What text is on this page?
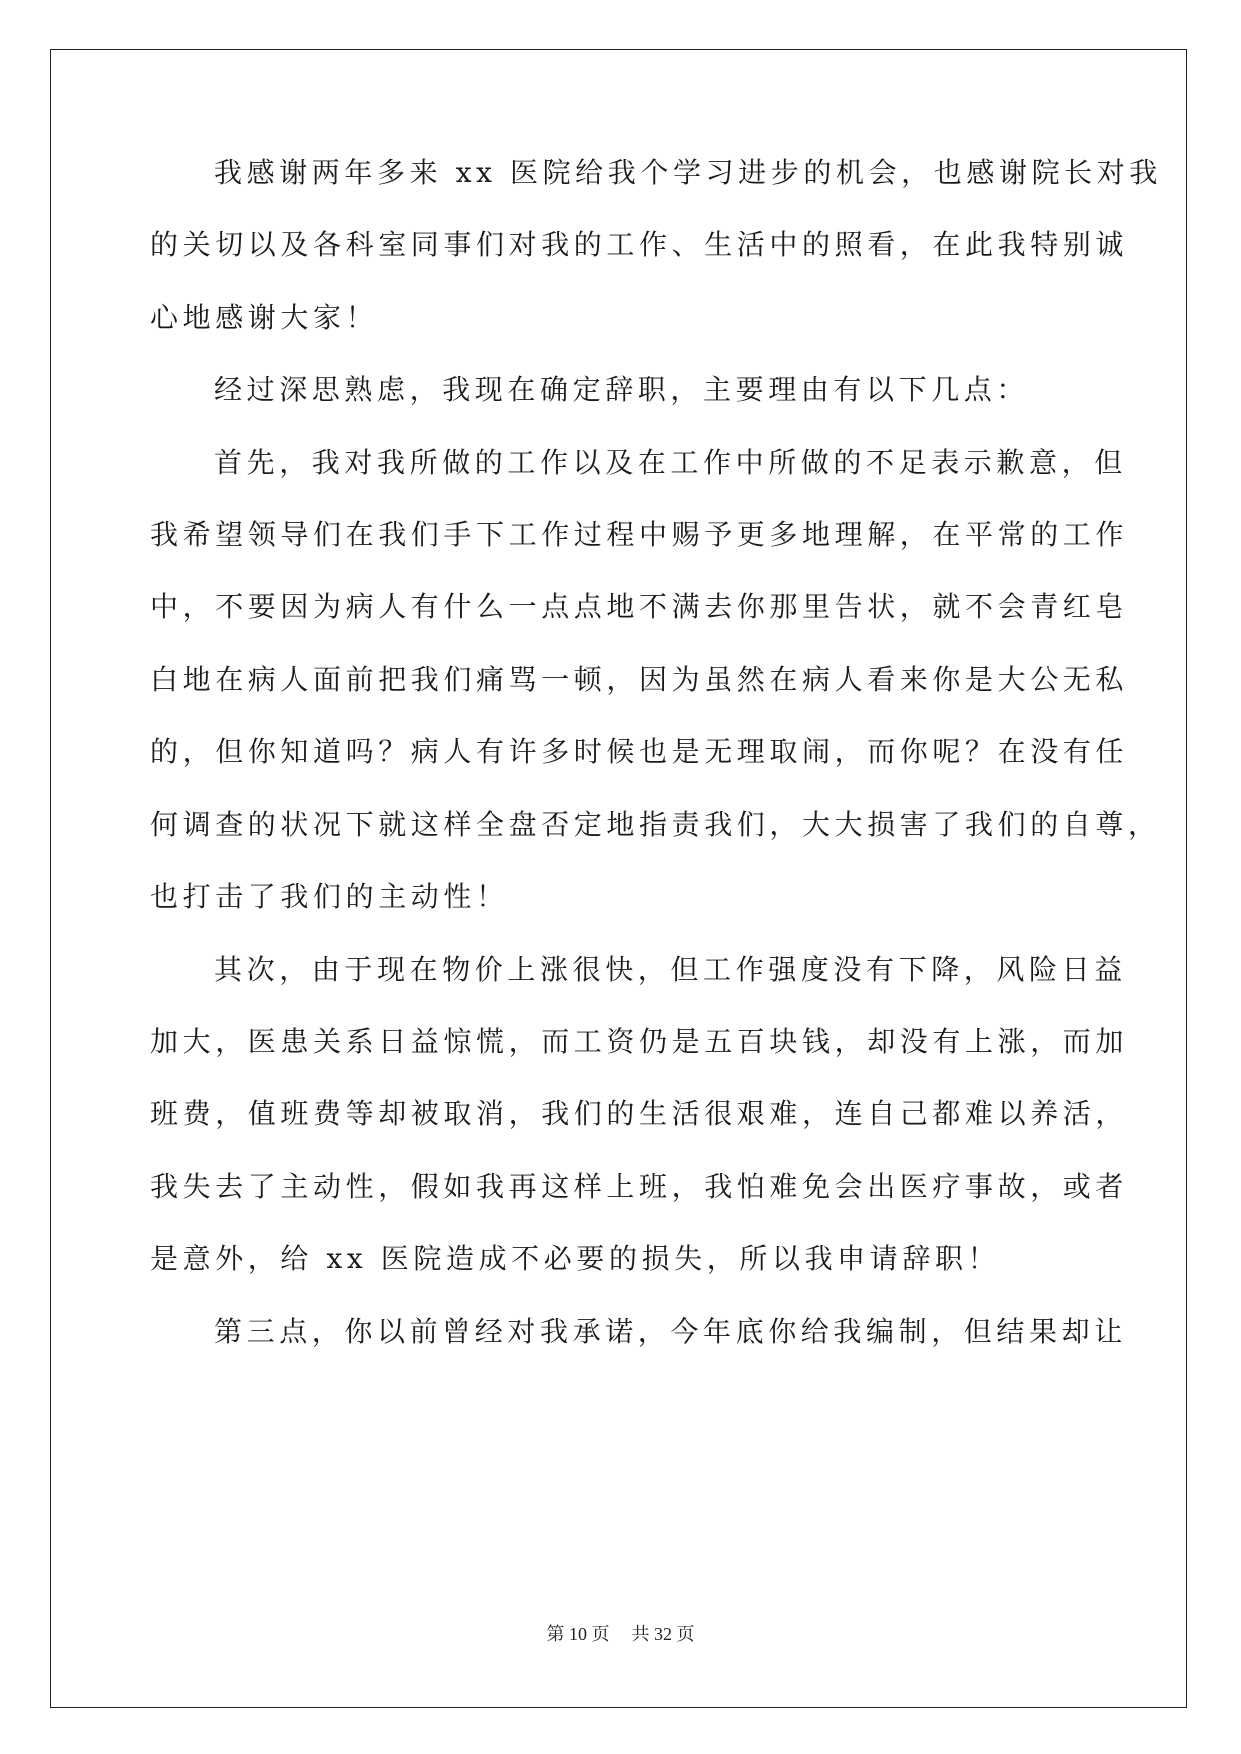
我感谢两年多来 xx 医院给我个学习进步的机会，也感谢院长对我
的关切以及各科室同事们对我的工作、生活中的照看，在此我特别诚
心地感谢大家！
经过深思熟虑，我现在确定辞职，主要理由有以下几点：
首先，我对我所做的工作以及在工作中所做的不足表示歉意，但
我希望领导们在我们手下工作过程中赐予更多地理解，在平常的工作
中，不要因为病人有什么一点点地不满去你那里告状，就不会青红皂
白地在病人面前把我们痛骂一顿，因为虽然在病人看来你是大公无私
的，但你知道吗？病人有许多时候也是无理取闹，而你呢？在没有任
何调查的状况下就这样全盘否定地指责我们，大大损害了我们的自尊，
也打击了我们的主动性！
其次，由于现在物价上涨很快，但工作强度没有下降，风险日益
加大，医患关系日益惊慌，而工资仍是五百块钱，却没有上涨，而加
班费，值班费等却被取消，我们的生活很艰难，连自己都难以养活，
我失去了主动性，假如我再这样上班，我怕难免会出医疗事故，或者
是意外，给 xx 医院造成不必要的损失，所以我申请辞职！
第三点，你以前曾经对我承诺，今年底你给我编制，但结果却让
第 10 页 共 32 页
